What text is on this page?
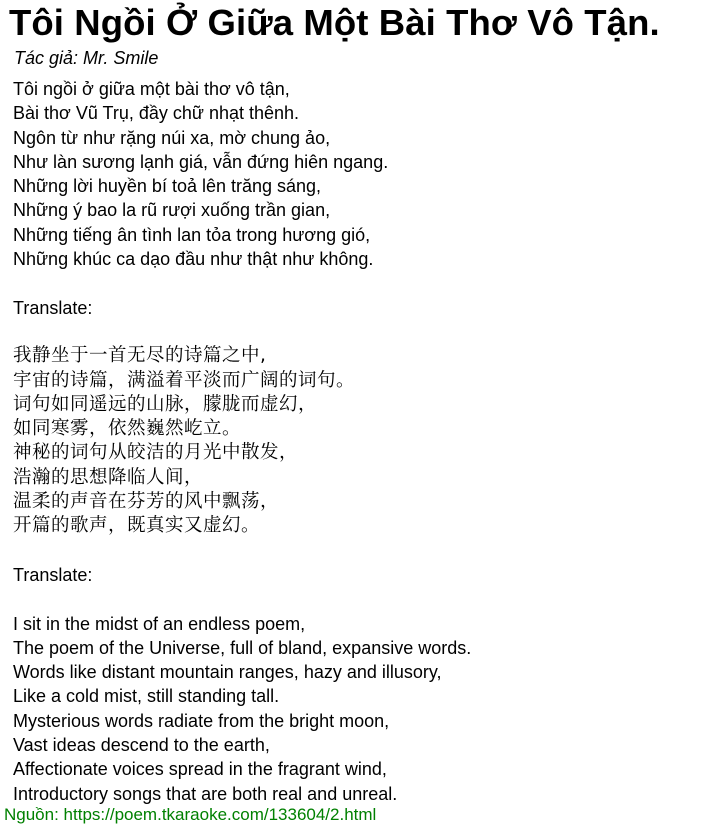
Tôi Ngồi Ở Giữa Một Bài Thơ Vô Tận.
Tác giả: Mr. Smile
Tôi ngồi ở giữa một bài thơ vô tận,
Bài thơ Vũ Trụ, đầy chữ nhạt thênh.
Ngôn từ như rặng núi xa, mờ chung ảo,
Như làn sương lạnh giá, vẫn đứng hiên ngang.
Những lời huyền bí toả lên trăng sáng,
Những ý bao la rũ rượi xuống trần gian,
Những tiếng ân tình lan tỏa trong hương gió,
Những khúc ca dạo đầu như thật như không.
Translate:
我静坐于一首无尽的诗篇之中,
宇宙的诗篇，满溢着平淡而广阔的词句。
词句如同遥远的山脉，朦胧而虚幻，
如同寒雾，依然巍然屹立。
神秘的词句从皎洁的月光中散发，
浩瀚的思想降临人间，
温柔的声音在芬芳的风中飘荡，
开篇的歌声，既真实又虚幻。
Translate:
I sit in the midst of an endless poem,
The poem of the Universe, full of bland, expansive words.
Words like distant mountain ranges, hazy and illusory,
Like a cold mist, still standing tall.
Mysterious words radiate from the bright moon,
Vast ideas descend to the earth,
Affectionate voices spread in the fragrant wind,
Introductory songs that are both real and unreal.
Nguồn: https://poem.tkaraoke.com/133604/2.html
